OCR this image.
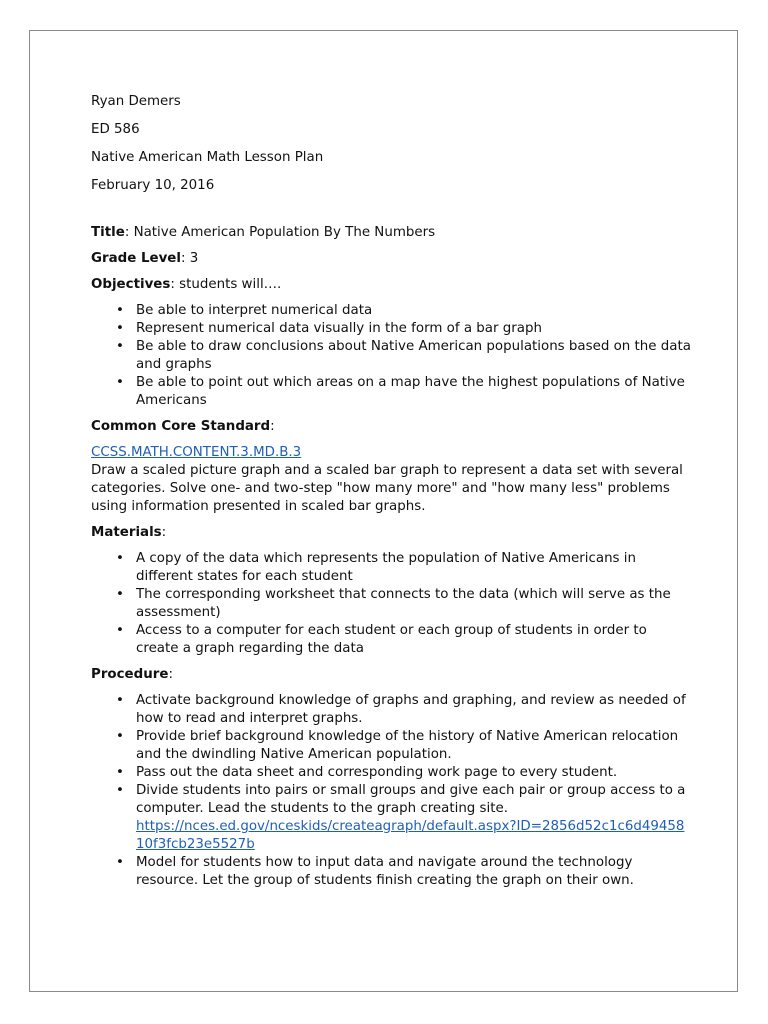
Ryan Demers
ED 586
Native American Math Lesson Plan
February 10, 2016
Title: Native American Population By The Numbers
Grade Level: 3
Objectives: students will….
• Be able to interpret numerical data
• Represent numerical data visually in the form of a bar graph
• Be able to draw conclusions about Native American populations based on the data and graphs
• Be able to point out which areas on a map have the highest populations of Native Americans
Common Core Standard:
CCSS.MATH.CONTENT.3.MD.B.3
Draw a scaled picture graph and a scaled bar graph to represent a data set with several categories. Solve one- and two-step "how many more" and "how many less" problems using information presented in scaled bar graphs.
Materials:
• A copy of the data which represents the population of Native Americans in different states for each student
• The corresponding worksheet that connects to the data (which will serve as the assessment)
• Access to a computer for each student or each group of students in order to create a graph regarding the data
Procedure:
• Activate background knowledge of graphs and graphing, and review as needed of how to read and interpret graphs.
• Provide brief background knowledge of the history of Native American relocation and the dwindling Native American population.
• Pass out the data sheet and corresponding work page to every student.
• Divide students into pairs or small groups and give each pair or group access to a computer. Lead the students to the graph creating site.
https://nces.ed.gov/nceskids/createagraph/default.aspx?ID=2856d52c1c6d4945810f3fcb23e5527b
• Model for students how to input data and navigate around the technology resource. Let the group of students finish creating the graph on their own.
